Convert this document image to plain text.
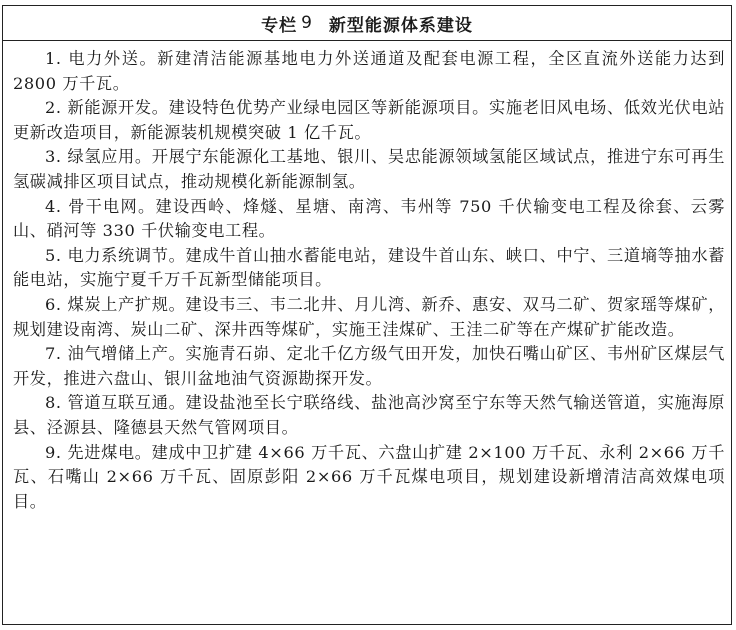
专栏 9 新型能源体系建设

1. 电力外送。新建清洁能源基地电力外送通道及配套电源工程，全区直流外送能力达到 2800 万千瓦。

2. 新能源开发。建设特色优势产业绿电园区等新能源项目。实施老旧风电场、低效光伏电站更新改造项目，新能源装机规模突破 1 亿千瓦。

3. 绿氢应用。开展宁东能源化工基地、银川、吴忠能源领域氢能区域试点，推进宁东可再生氢碳减排区项目试点，推动规模化新能源制氢。

4. 骨干电网。建设西岭、烽燧、星塘、南湾、韦州等 750 千伏输变电工程及徐套、云雾山、硝河等 330 千伏输变电工程。

5. 电力系统调节。建成牛首山抽水蓄能电站，建设牛首山东、峡口、中宁、三道墒等抽水蓄能电站，实施宁夏千万千瓦新型储能项目。

6. 煤炭上产扩规。建设韦三、韦二北井、月儿湾、新乔、惠安、双马二矿、贺家瑶等煤矿，规划建设南湾、炭山二矿、深井西等煤矿，实施王洼煤矿、王洼二矿等在产煤矿扩能改造。

7. 油气增储上产。实施青石峁、定北千亿方级气田开发，加快石嘴山矿区、韦州矿区煤层气开发，推进六盘山、银川盆地油气资源勘探开发。

8. 管道互联互通。建设盐池至长宁联络线、盐池高沙窝至宁东等天然气输送管道，实施海原县、泾源县、隆德县天然气管网项目。

9. 先进煤电。建成中卫扩建 4×66 万千瓦、六盘山扩建 2×100 万千瓦、永利 2×66 万千瓦、石嘴山 2×66 万千瓦、固原彭阳 2×66 万千瓦煤电项目，规划建设新增清洁高效煤电项目。
